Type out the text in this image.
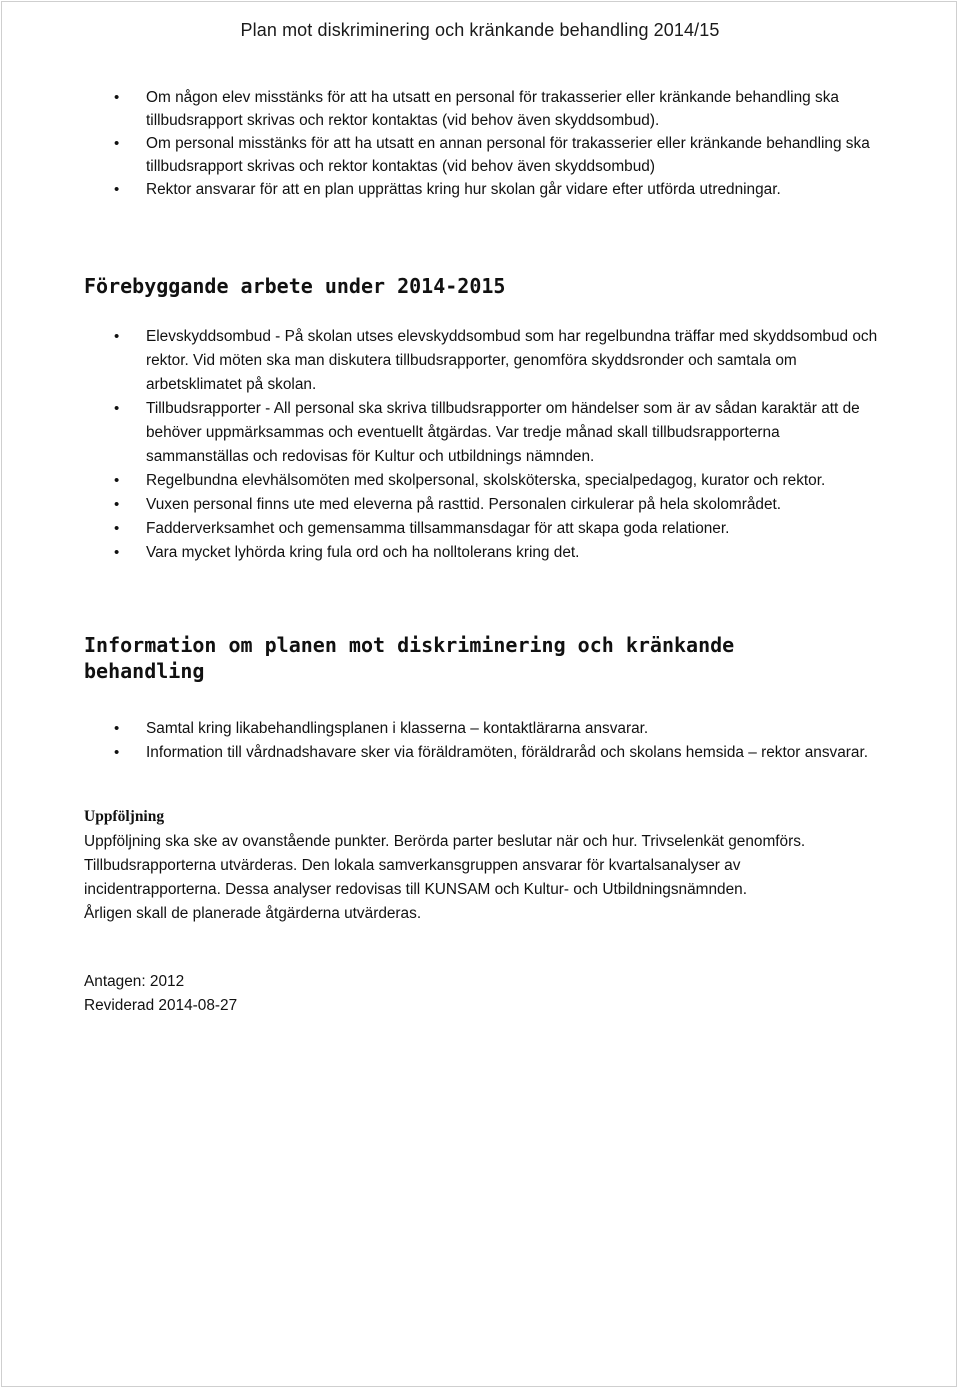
Plan mot diskriminering och kränkande behandling 2014/15
• Om någon elev misstänks för att ha utsatt en personal för trakasserier eller kränkande behandling ska tillbudsrapport skrivas och rektor kontaktas (vid behov även skyddsombud).
• Om personal misstänks för att ha utsatt en annan personal för trakasserier eller kränkande behandling ska tillbudsrapport skrivas och rektor kontaktas (vid behov även skyddsombud)
• Rektor ansvarar för att en plan upprättas kring hur skolan går vidare efter utförda utredningar.
Förebyggande arbete under 2014-2015
• Elevskyddsombud - På skolan utses elevskyddsombud som har regelbundna träffar med skyddsombud och rektor. Vid möten ska man diskutera tillbudsrapporter, genomföra skyddsronder och samtala om arbetsklimatet på skolan.
• Tillbudsrapporter - All personal ska skriva tillbudsrapporter om händelser som är av sådan karaktär att de behöver uppmärksammas och eventuellt åtgärdas. Var tredje månad skall tillbudsrapporterna sammanställas och redovisas för Kultur och utbildnings nämnden.
• Regelbundna elevhälsomöten med skolpersonal, skolsköterska, specialpedagog, kurator och rektor.
• Vuxen personal finns ute med eleverna på rasttid. Personalen cirkulerar på hela skolområdet.
• Fadderverksamhet och gemensamma tillsammansdagar för att skapa goda relationer.
• Vara mycket lyhörda kring fula ord och ha nolltolerans kring det.
Information om planen mot diskriminering och kränkande behandling
• Samtal kring likabehandlingsplanen i klasserna – kontaktlärarna ansvarar.
• Information till vårdnadshavare sker via föräldramöten, föräldraråd och skolans hemsida – rektor ansvarar.
Uppföljning
Uppföljning ska ske av ovanstående punkter. Berörda parter beslutar när och hur. Trivselenkät genomförs. Tillbudsrapporterna utvärderas. Den lokala samverkansgruppen ansvarar för kvartalsanalyser av incidentrapporterna. Dessa analyser redovisas till KUNSAM och Kultur- och Utbildningsnämnden.
Årligen skall de planerade åtgärderna utvärderas.
Antagen: 2012
Reviderad 2014-08-27
